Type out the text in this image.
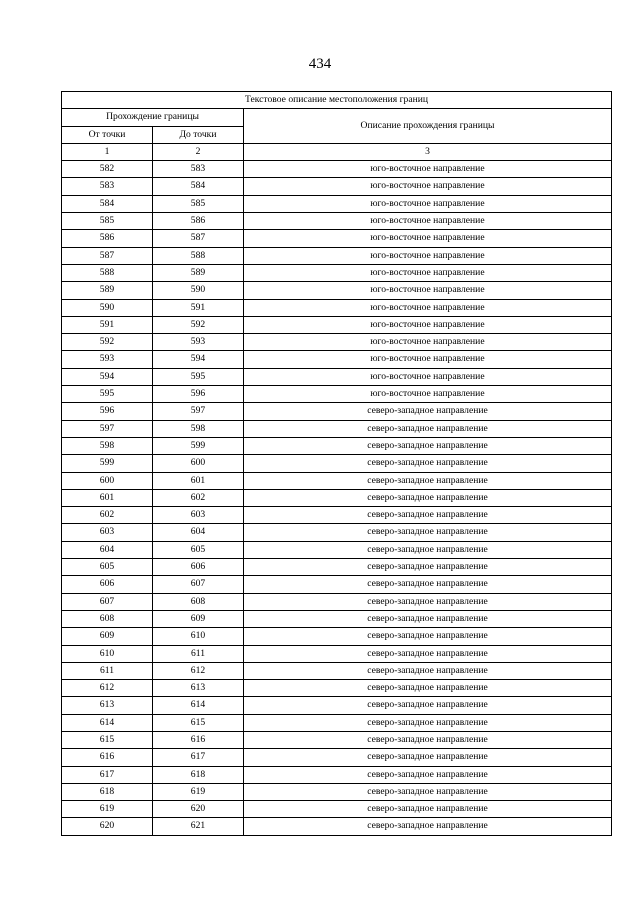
434
Текстовое описание местоположения границ		
Прохождение границы		Описание прохождения границы
От точки	До точки	
1	2	3
582	583	юго-восточное направление
583	584	юго-восточное направление
584	585	юго-восточное направление
585	586	юго-восточное направление
586	587	юго-восточное направление
587	588	юго-восточное направление
588	589	юго-восточное направление
589	590	юго-восточное направление
590	591	юго-восточное направление
591	592	юго-восточное направление
592	593	юго-восточное направление
593	594	юго-восточное направление
594	595	юго-восточное направление
595	596	юго-восточное направление
596	597	северо-западное направление
597	598	северо-западное направление
598	599	северо-западное направление
599	600	северо-западное направление
600	601	северо-западное направление
601	602	северо-западное направление
602	603	северо-западное направление
603	604	северо-западное направление
604	605	северо-западное направление
605	606	северо-западное направление
606	607	северо-западное направление
607	608	северо-западное направление
608	609	северо-западное направление
609	610	северо-западное направление
610	611	северо-западное направление
611	612	северо-западное направление
612	613	северо-западное направление
613	614	северо-западное направление
614	615	северо-западное направление
615	616	северо-западное направление
616	617	северо-западное направление
617	618	северо-западное направление
618	619	северо-западное направление
619	620	северо-западное направление
620	621	северо-западное направление
